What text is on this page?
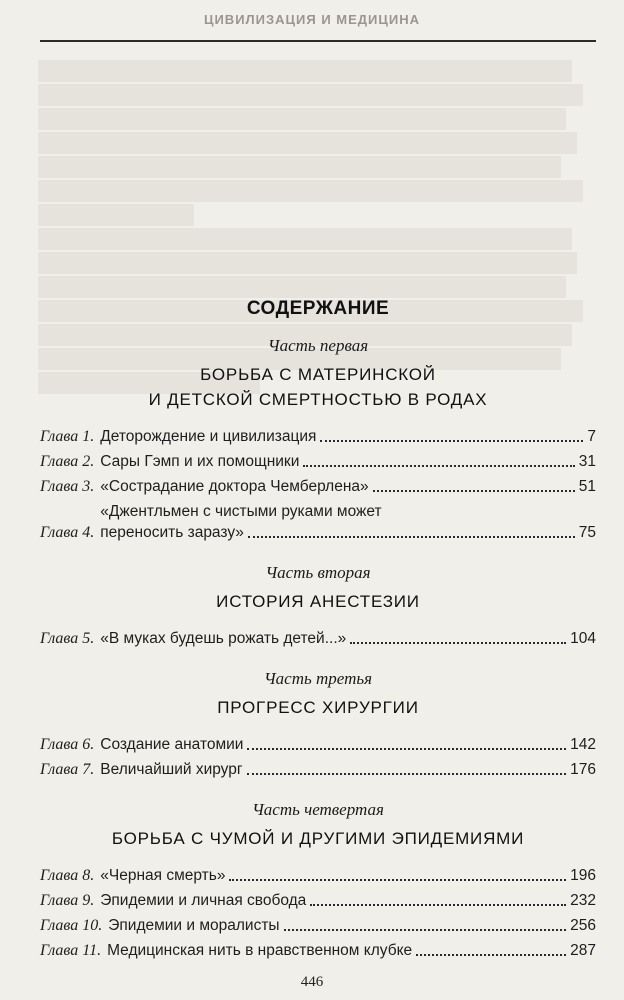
ЦИВИЛИЗАЦИЯ И МЕДИЦИНА
СОДЕРЖАНИЕ
Часть первая
БОРЬБА С МАТЕРИНСКОЙ
И ДЕТСКОЙ СМЕРТНОСТЬЮ В РОДАХ
Глава 1. Деторождение и цивилизация	7
Глава 2. Сары Гэмп и их помощники	31
Глава 3. «Сострадание доктора Чемберлена»	51
Глава 4.
«Джентльмен с чистыми руками может
переносить заразу»	75
Часть вторая
ИСТОРИЯ АНЕСТЕЗИИ
Глава 5. «В муках будешь рожать детей...»	104
Часть третья
ПРОГРЕСС ХИРУРГИИ
Глава 6. Создание анатомии	142
Глава 7. Величайший хирург	176
Часть четвертая
БОРЬБА С ЧУМОЙ И ДРУГИМИ ЭПИДЕМИЯМИ
Глава 8. «Черная смерть»	196
Глава 9. Эпидемии и личная свобода	232
Глава 10. Эпидемии и моралисты	256
Глава 11. Медицинская нить в нравственном клубке	287
446
